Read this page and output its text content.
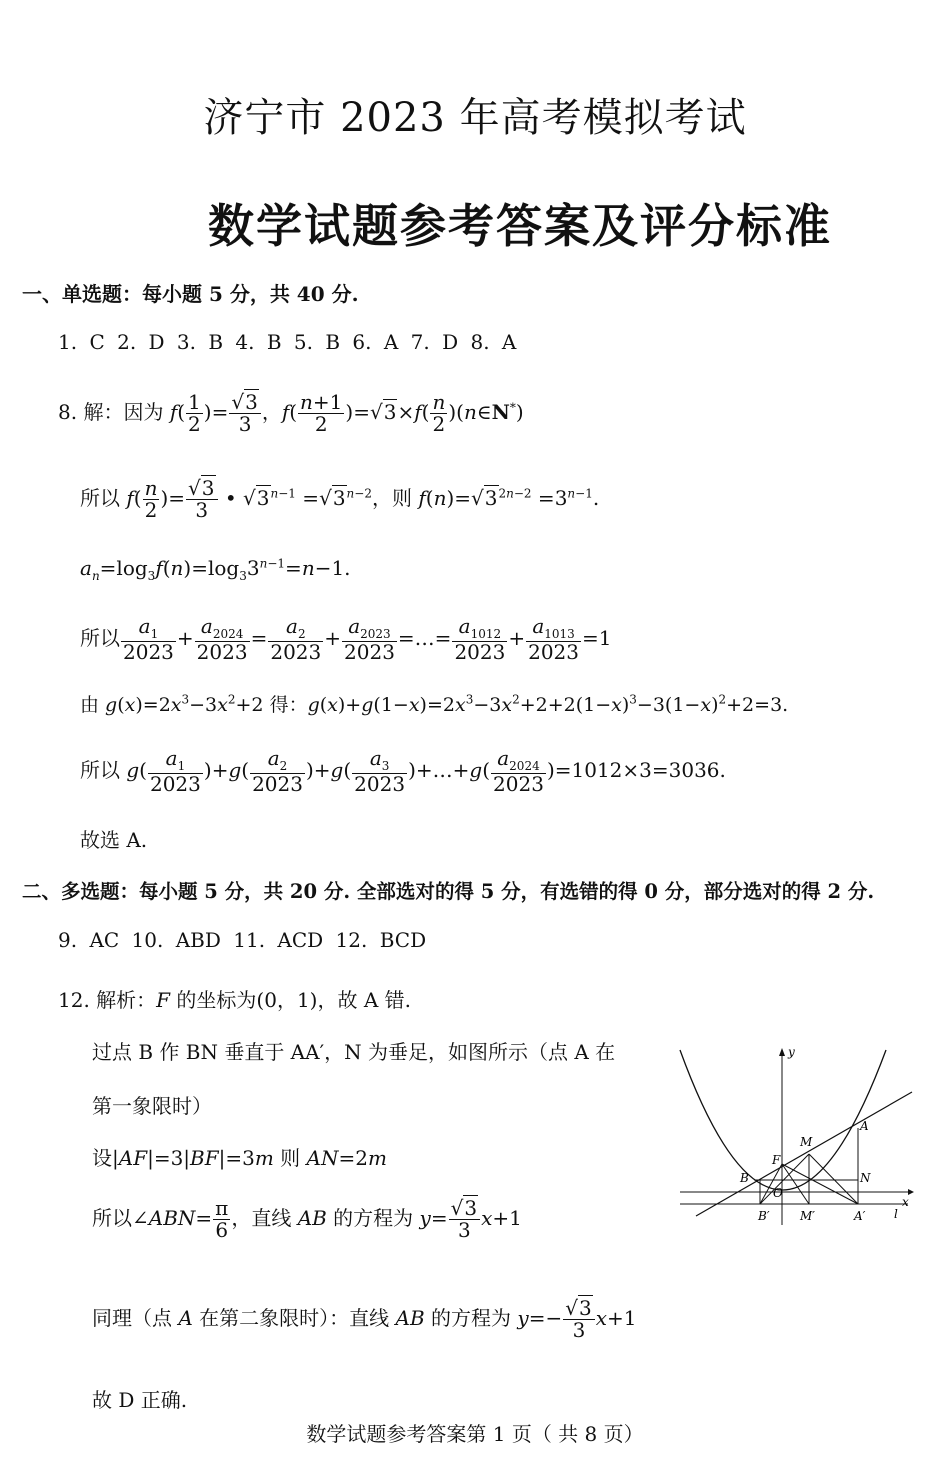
济宁市 2023 年高考模拟考试
数学试题参考答案及评分标准
一、单选题：每小题 5 分，共 40 分.
1. C 2. D 3. B 4. B 5. B 6. A 7. D 8. A
8. 解：因为 $f( \frac{1}{2}$ )= $\frac{√3}{3}$ ，$f( \frac{n+1}{2} )=√3\times f( \frac{n}{2}$ )(n∈N*)
所以 $f( \frac{n}{2}$ )= $\frac{√3}{3}$ • $√3^{n-1} =√3^{n-2}$，则 $f(n)=√3^{2n-2} =3^{n-1}$.
$a_n=\log_3f(n)=\log_33^{n-1}=n-1$.
所以 $\frac{a_1}{2023} + \frac{a_{2024}}{2023} = \frac{a_2}{2023} + \frac{a_{2023}}{2023}$ =…= $\frac{a_{1012}}{2023} + \frac{a_{1013}}{2023} =1$
由 $g(x)=2x^3-3x^2+2$ 得：$g(x)+g(1-x)=2x^3-3x^2+2+2(1-x)^3-3(1-x)^2+2=3$.
所以 $g( \frac{a_1}{2023} )+g( \frac{a_2}{2023} )+g( \frac{a_3}{2023}$ )+…+g( $\frac{a_{2024}}{2023} )=1012\times 3=3036$.
故选 A.
二、多选题：每小题 5 分，共 20 分. 全部选对的得 5 分，有选错的得 0 分，部分选对的得 2 分.
9. AC 10. ABD 11. ACD 12. BCD
12. 解析：F 的坐标为(0，1)，故 A 错.
过点 B 作 BN 垂直于 AA′，N 为垂足，如图所示（点 A 在
第一象限时）
设|AF|=3|BF|=3m 则 AN=2m
所以∠ABN= $\frac{\pi}{6}$ ，直线 AB 的方程为 $y= \frac{√3}{3} x+1$
同理（点 A 在第二象限时）：直线 AB 的方程为 $y=- \frac{√3}{3} x+1$
故 D 正确.
y
x
A
B
F
M
N
O
B′	M′	A′ l
数学试题参考答案第 1 页（ 共 8 页）
